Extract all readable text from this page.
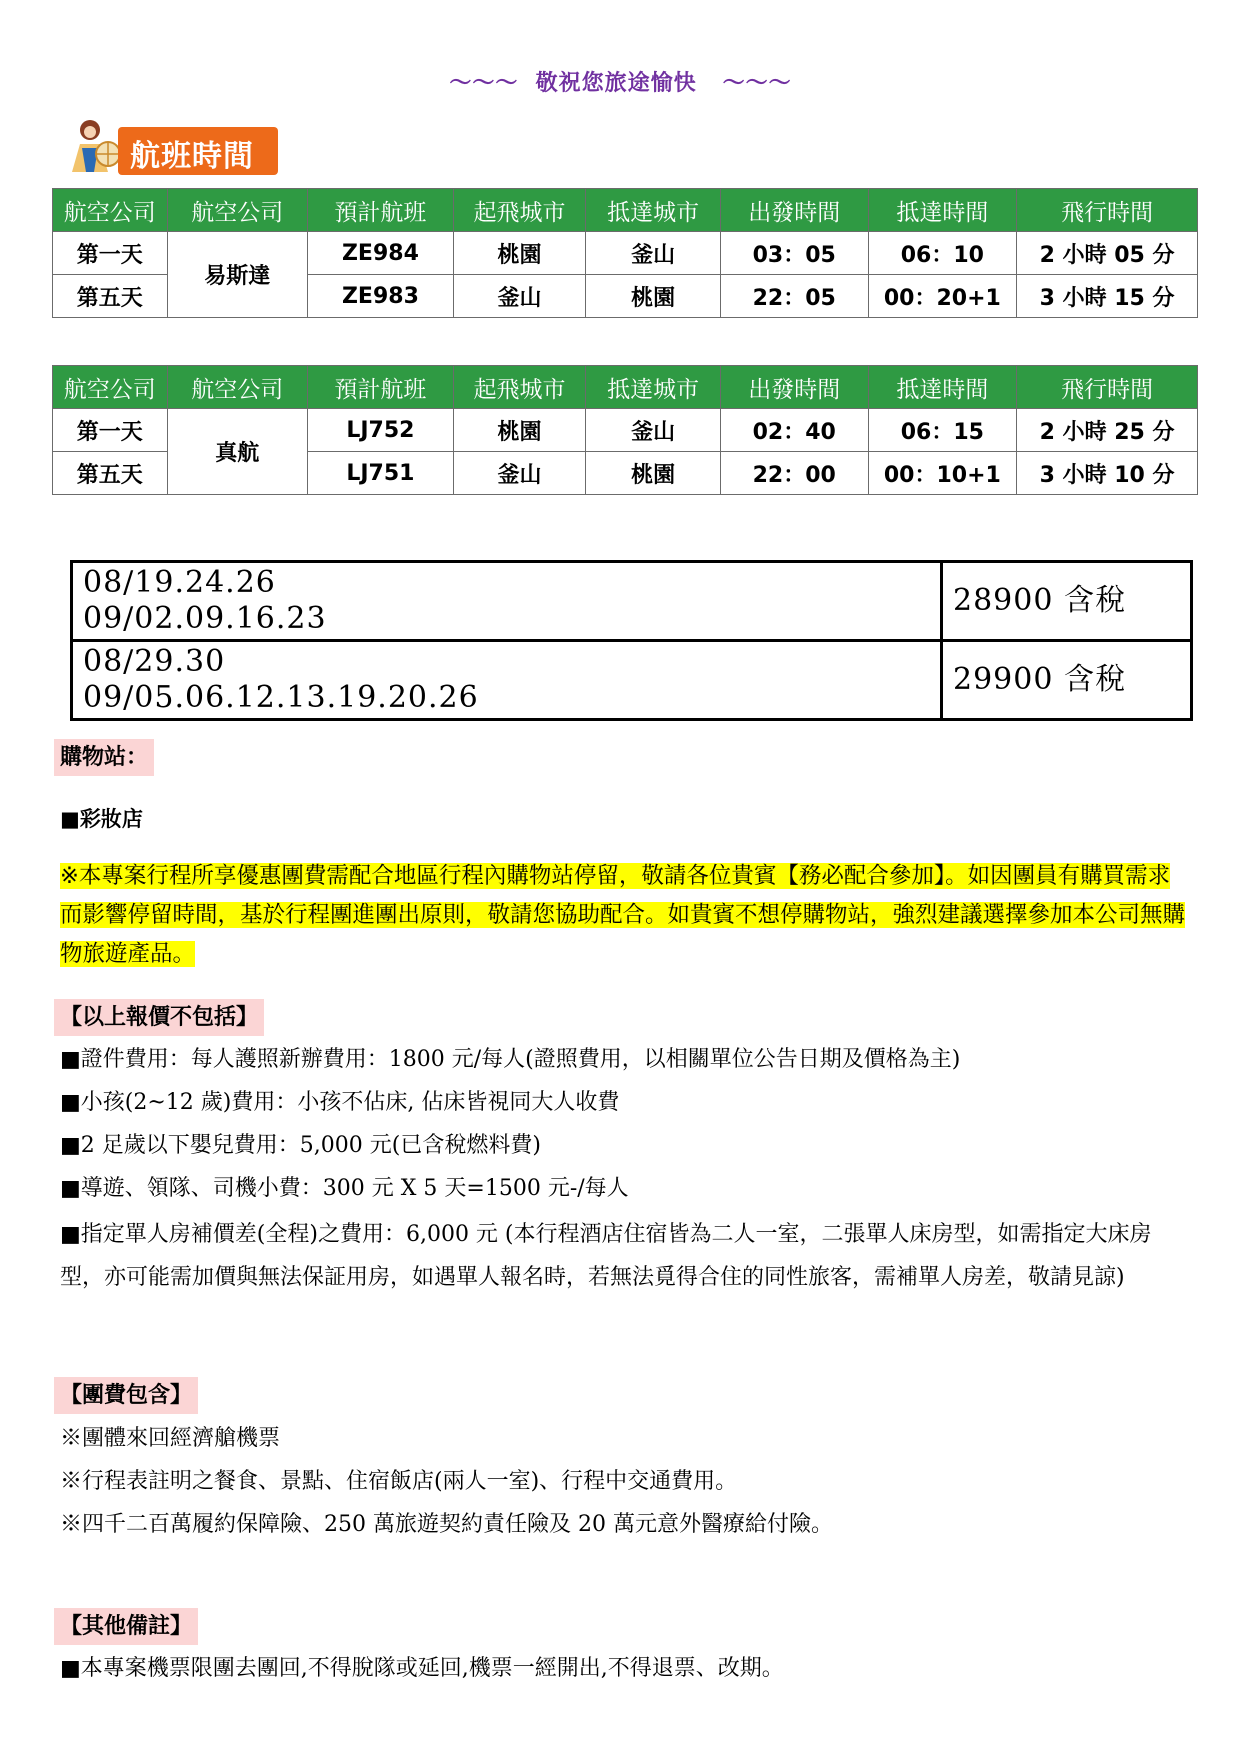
～～～  敬祝您旅途愉快   ～～～
航班時間
航空公司	航空公司	預計航班	起飛城市	抵達城市	出發時間	抵達時間	飛行時間
第一天	易斯達	ZE984	桃園	釜山	03：05	06：10	2 小時 05 分
第五天		ZE983	釜山	桃園	22：05	00：20+1	3 小時 15 分
航空公司	航空公司	預計航班	起飛城市	抵達城市	出發時間	抵達時間	飛行時間
第一天	真航	LJ752	桃園	釜山	02：40	06：15	2 小時 25 分
第五天		LJ751	釜山	桃園	22：00	00：10+1	3 小時 10 分
08/19.24.26
09/02.09.16.23	28900 含稅

08/29.30
09/05.06.12.13.19.20.26	29900 含稅
購物站：
■彩妝店
※本專案行程所享優惠團費需配合地區行程內購物站停留，敬請各位貴賓【務必配合參加】。如因團員有購買需求而影響停留時間，基於行程團進團出原則，敬請您協助配合。如貴賓不想停購物站，強烈建議選擇參加本公司無購物旅遊產品。
【以上報價不包括】
■證件費用：每人護照新辦費用：1800 元/每人(證照費用，以相關單位公告日期及價格為主)
■小孩(2~12 歲)費用：小孩不佔床, 佔床皆視同大人收費
■2 足歲以下嬰兒費用：5,000 元(已含稅燃料費)
■導遊、領隊、司機小費：300 元 X 5 天=1500 元-/每人
■指定單人房補價差(全程)之費用：6,000 元 (本行程酒店住宿皆為二人一室，二張單人床房型，如需指定大床房型，亦可能需加價與無法保証用房，如遇單人報名時，若無法覓得合住的同性旅客，需補單人房差，敬請見諒)
【團費包含】
※團體來回經濟艙機票
※行程表註明之餐食、景點、住宿飯店(兩人一室)、行程中交通費用。
※四千二百萬履約保障險、250 萬旅遊契約責任險及 20 萬元意外醫療給付險。
【其他備註】
■本專案機票限團去團回,不得脫隊或延回,機票一經開出,不得退票、改期。
